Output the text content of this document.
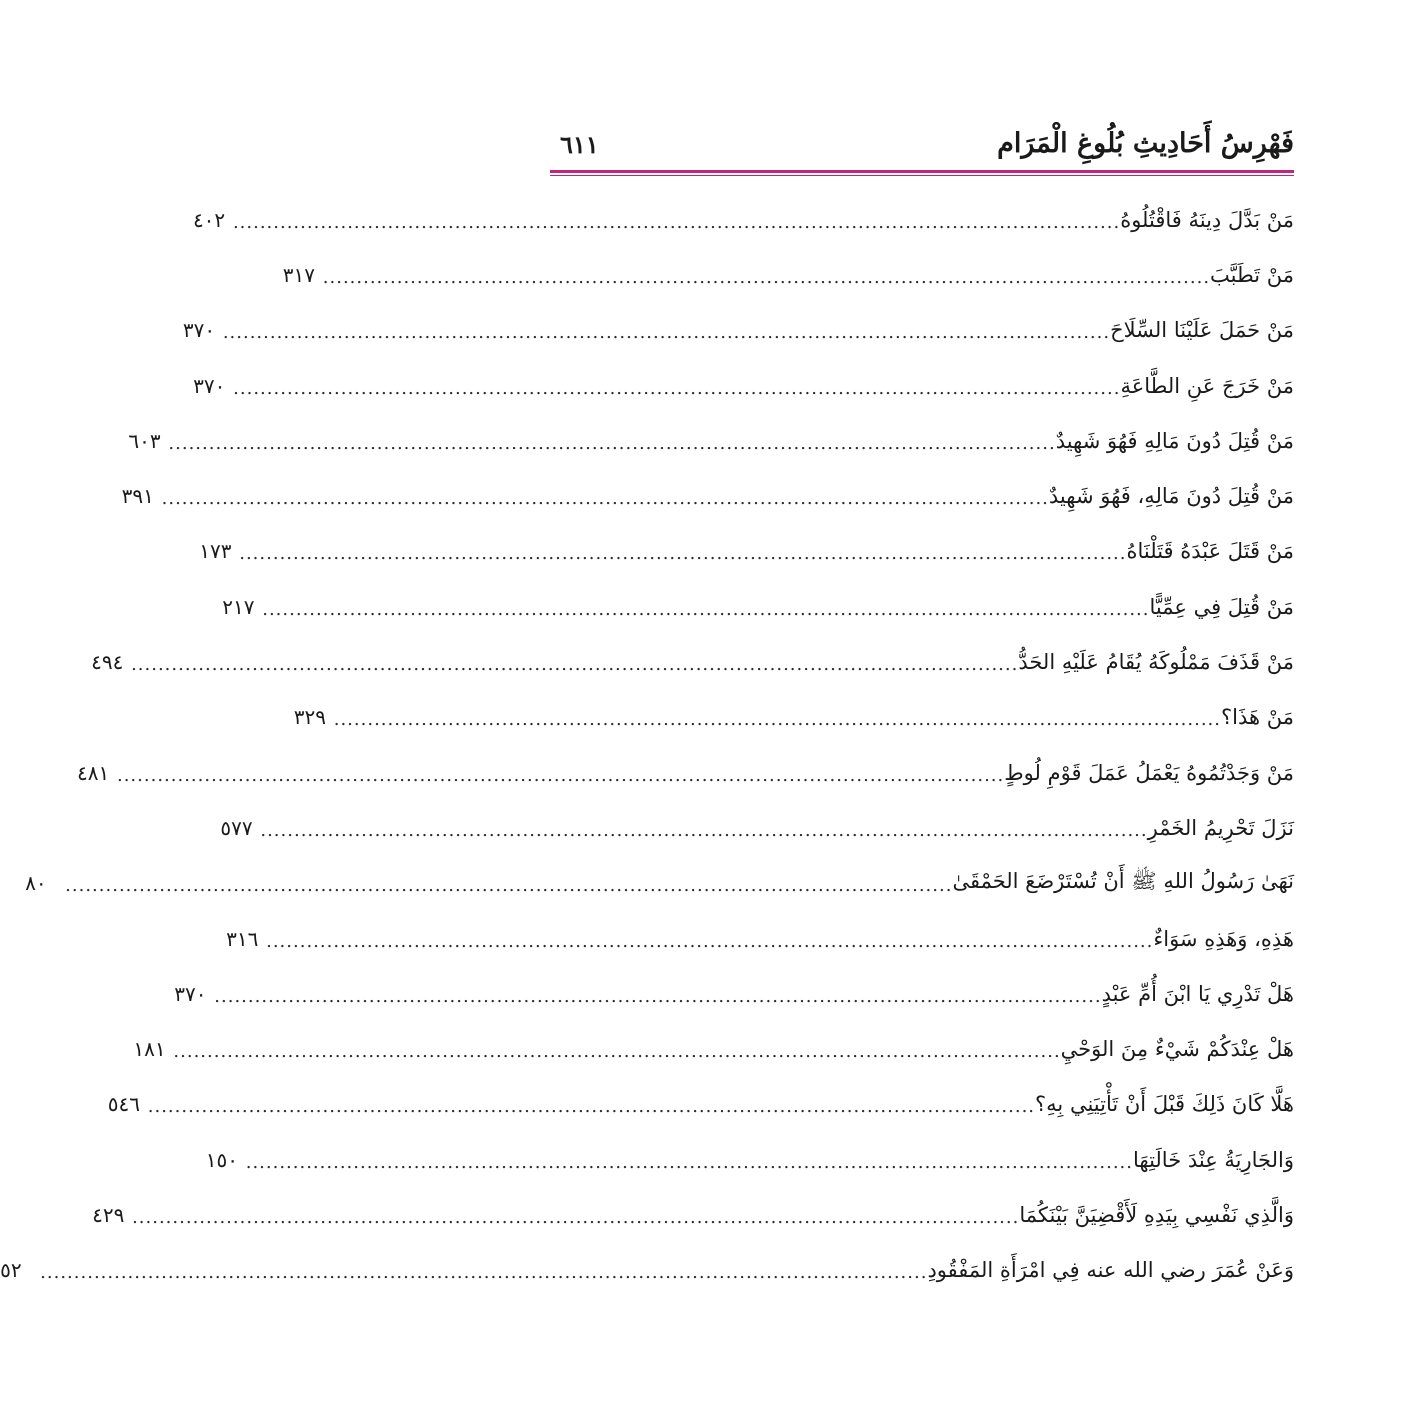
فَهْرِسُ أَحَادِيثِ بُلُوغِ الْمَرَام
٦١١
مَنْ بَدَّلَ دِينَهُ فَاقْتُلُوهُ
....................................................................................................................................
٤٠٢
مَنْ تَطَبَّبَ
....................................................................................................................................
٣١٧
مَنْ حَمَلَ عَلَيْنَا السِّلَاحَ
....................................................................................................................................
٣٧٠
مَنْ خَرَجَ عَنِ الطَّاعَةِ
....................................................................................................................................
٣٧٠
مَنْ قُتِلَ دُونَ مَالِهِ فَهُوَ شَهِيدٌ
....................................................................................................................................
٦٠٣
مَنْ قُتِلَ دُونَ مَالِهِ، فَهُوَ شَهِيدٌ
....................................................................................................................................
٣٩١
مَنْ قَتَلَ عَبْدَهُ قَتَلْنَاهُ
....................................................................................................................................
١٧٣
مَنْ قُتِلَ فِي عِمِّيًّا
....................................................................................................................................
٢١٧
مَنْ قَذَفَ مَمْلُوكَهُ يُقَامُ عَلَيْهِ الحَدُّ
....................................................................................................................................
٤٩٤
مَنْ هَذَا؟
....................................................................................................................................
٣٢٩
مَنْ وَجَدْتُمُوهُ يَعْمَلُ عَمَلَ قَوْمِ لُوطٍ
....................................................................................................................................
٤٨١
نَزَلَ تَحْرِيمُ الخَمْرِ
....................................................................................................................................
٥٧٧
نَهَىٰ رَسُولُ اللهِ ﷺ أَنْ تُسْتَرْضَعَ الحَمْقَىٰ
....................................................................................................................................
٨٠
هَذِهِ، وَهَذِهِ سَوَاءٌ
....................................................................................................................................
٣١٦
هَلْ تَدْرِي يَا ابْنَ أُمِّ عَبْدٍ
....................................................................................................................................
٣٧٠
هَلْ عِنْدَكُمْ شَيْءٌ مِنَ الوَحْيِ
....................................................................................................................................
١٨١
هَلَّا كَانَ ذَلِكَ قَبْلَ أَنْ تَأْتِيَنِي بِهِ؟
....................................................................................................................................
٥٤٦
وَالجَارِيَةُ عِنْدَ خَالَتِهَا
....................................................................................................................................
١٥٠
وَالَّذِي نَفْسِي بِيَدِهِ لَأَقْضِيَنَّ بَيْنَكُمَا
....................................................................................................................................
٤٢٩
وَعَنْ عُمَرَ رضي الله عنه فِي امْرَأَةِ المَفْقُودِ
....................................................................................................................................
٥٢
